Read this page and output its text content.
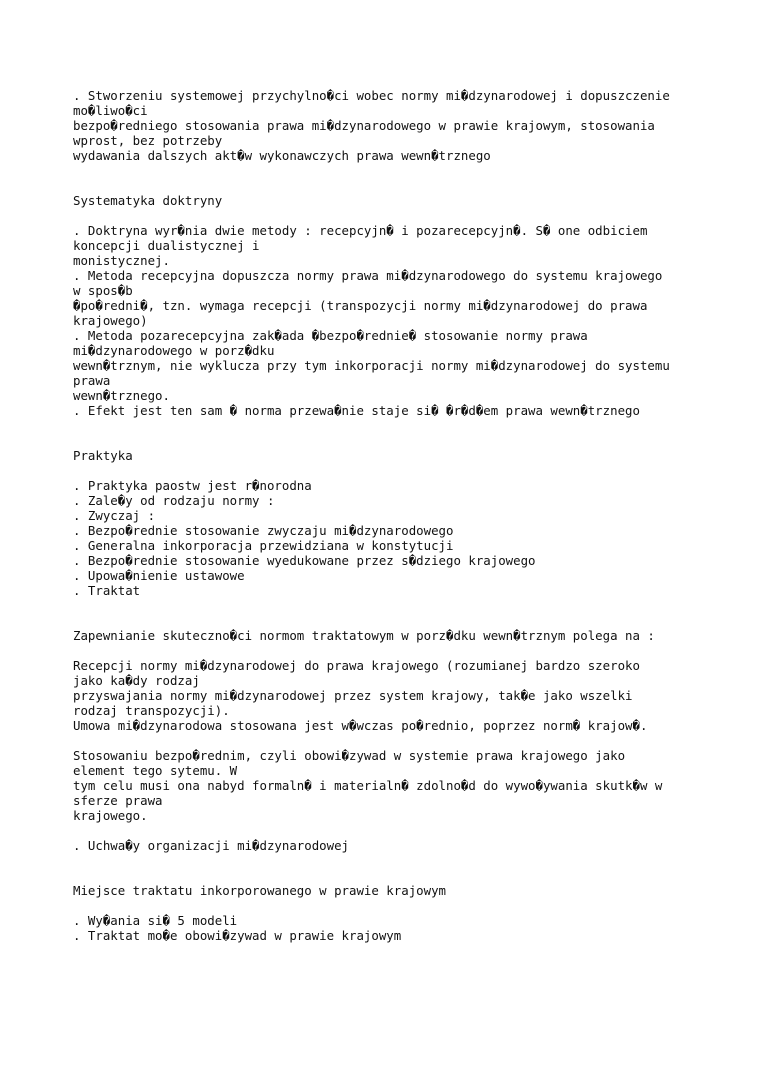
. Stworzeniu systemowej przychylno�ci wobec normy mi�dzynarodowej i dopuszczenie
mo�liwo�ci
bezpo�redniego stosowania prawa mi�dzynarodowego w prawie krajowym, stosowania
wprost, bez potrzeby
wydawania dalszych akt�w wykonawczych prawa wewn�trznego
Systematyka doktryny
. Doktryna wyr�nia dwie metody : recepcyjn� i pozarecepcyjn�. S� one odbiciem
koncepcji dualistycznej i
monistycznej.
. Metoda recepcyjna dopuszcza normy prawa mi�dzynarodowego do systemu krajowego
w spos�b
�po�redni�, tzn. wymaga recepcji (transpozycji normy mi�dzynarodowej do prawa
krajowego)
. Metoda pozarecepcyjna zak�ada �bezpo�rednie� stosowanie normy prawa
mi�dzynarodowego w porz�dku
wewn�trznym, nie wyklucza przy tym inkorporacji normy mi�dzynarodowej do systemu
prawa
wewn�trznego.
. Efekt jest ten sam � norma przewa�nie staje si� �r�d�em prawa wewn�trznego
Praktyka
. Praktyka paostw jest r�norodna
. Zale�y od rodzaju normy :
. Zwyczaj :
. Bezpo�rednie stosowanie zwyczaju mi�dzynarodowego
. Generalna inkorporacja przewidziana w konstytucji
. Bezpo�rednie stosowanie wyedukowane przez s�dziego krajowego
. Upowa�nienie ustawowe
. Traktat
Zapewnianie skuteczno�ci normom traktatowym w porz�dku wewn�trznym polega na :
Recepcji normy mi�dzynarodowej do prawa krajowego (rozumianej bardzo szeroko
jako ka�dy rodzaj
przyswajania normy mi�dzynarodowej przez system krajowy, tak�e jako wszelki
rodzaj transpozycji).
Umowa mi�dzynarodowa stosowana jest w�wczas po�rednio, poprzez norm� krajow�.
Stosowaniu bezpo�rednim, czyli obowi�zywad w systemie prawa krajowego jako
element tego sytemu. W
tym celu musi ona nabyd formaln� i materialn� zdolno�d do wywo�ywania skutk�w w
sferze prawa
krajowego.
. Uchwa�y organizacji mi�dzynarodowej
Miejsce traktatu inkorporowanego w prawie krajowym
. Wy�ania si� 5 modeli
. Traktat mo�e obowi�zywad w prawie krajowym
